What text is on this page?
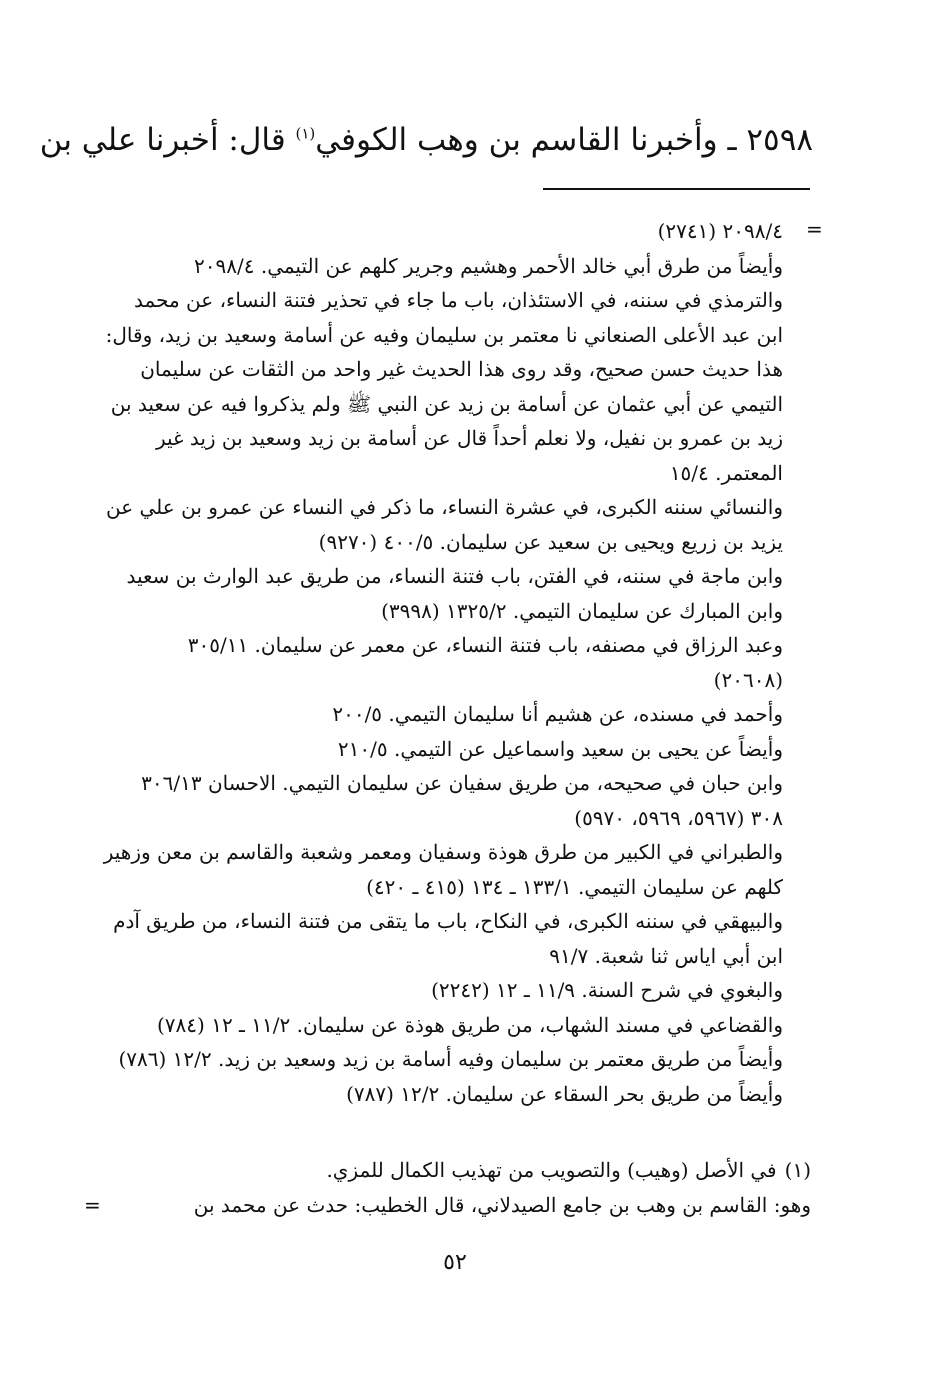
٢٥٩٨ ـ وأخبرنا القاسم بن وهب الكوفي$^{(١)}$ قال: أخبرنا علي بن
=
٢٠٩٨/٤ (٢٧٤١)
وأيضاً من طرق أبي خالد الأحمر وهشيم وجرير كلهم عن التيمي. ٢٠٩٨/٤
والترمذي في سننه، في الاستئذان، باب ما جاء في تحذير فتنة النساء، عن محمد
ابن عبد الأعلى الصنعاني نا معتمر بن سليمان وفيه عن أسامة وسعيد بن زيد، وقال:
هذا حديث حسن صحيح، وقد روى هذا الحديث غير واحد من الثقات عن سليمان
التيمي عن أبي عثمان عن أسامة بن زيد عن النبي ﷺ ولم يذكروا فيه عن سعيد بن
زيد بن عمرو بن نفيل، ولا نعلم أحداً قال عن أسامة بن زيد وسعيد بن زيد غير
المعتمر. ١٥/٤
والنسائي سننه الكبرى، في عشرة النساء، ما ذكر في النساء عن عمرو بن علي عن
يزيد بن زريع ويحيى بن سعيد عن سليمان. ٤٠٠/٥ (٩٢٧٠)
وابن ماجة في سننه، في الفتن، باب فتنة النساء، من طريق عبد الوارث بن سعيد
وابن المبارك عن سليمان التيمي. ١٣٢٥/٢ (٣٩٩٨)
وعبد الرزاق في مصنفه، باب فتنة النساء، عن معمر عن سليمان. ٣٠٥/١١
(٢٠٦٠٨)
وأحمد في مسنده، عن هشيم أنا سليمان التيمي. ٢٠٠/٥
وأيضاً عن يحيى بن سعيد واسماعيل عن التيمي. ٢١٠/٥
وابن حبان في صحيحه، من طريق سفيان عن سليمان التيمي. الاحسان ٣٠٦/١٣
٣٠٨ (٥٩٦٧، ٥٩٦٩، ٥٩٧٠)
والطبراني في الكبير من طرق هوذة وسفيان ومعمر وشعبة والقاسم بن معن وزهير
كلهم عن سليمان التيمي. ١٣٣/١ ـ ١٣٤ (٤١٥ ـ ٤٢٠)
والبيهقي في سننه الكبرى، في النكاح، باب ما يتقى من فتنة النساء، من طريق آدم
ابن أبي اياس ثنا شعبة. ٩١/٧
والبغوي في شرح السنة. ١١/٩ ـ ١٢ (٢٢٤٢)
والقضاعي في مسند الشهاب، من طريق هوذة عن سليمان. ١١/٢ ـ ١٢ (٧٨٤)
وأيضاً من طريق معتمر بن سليمان وفيه أسامة بن زيد وسعيد بن زيد. ١٢/٢ (٧٨٦)
وأيضاً من طريق بحر السقاء عن سليمان. ١٢/٢ (٧٨٧)
(١)في الأصل (وهيب) والتصويب من تهذيب الكمال للمزي.
وهو: القاسم بن وهب بن جامع الصيدلاني، قال الخطيب: حدث عن محمد بن
=
٥٢
